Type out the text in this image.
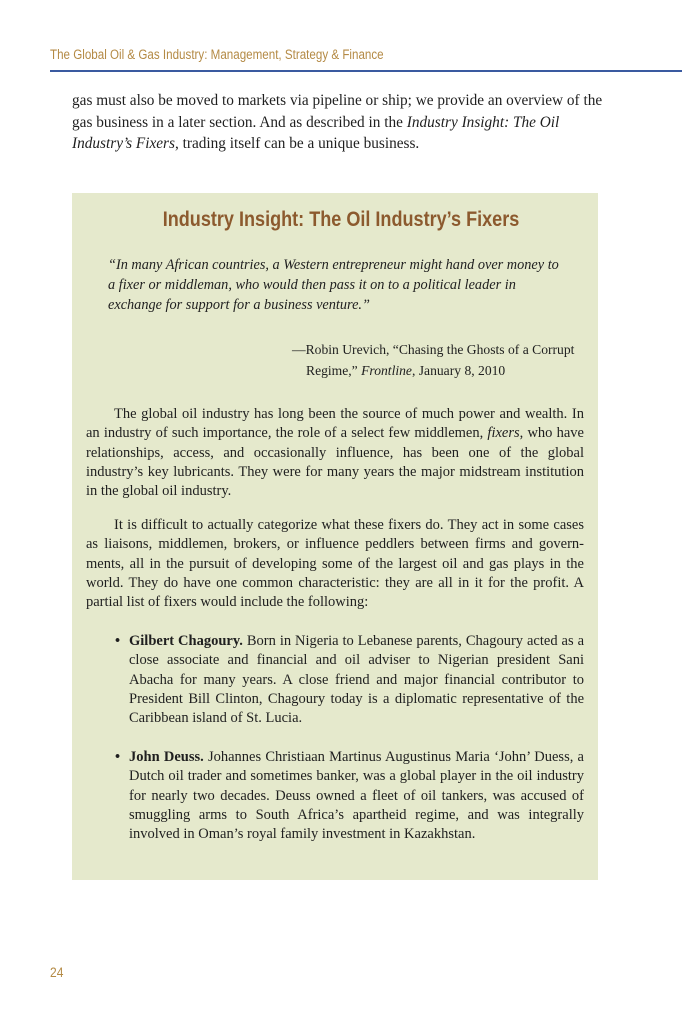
The Global Oil & Gas Industry: Management, Strategy & Finance

gas must also be moved to markets via pipeline or ship; we provide an overview of the gas business in a later section. And as described in the Industry Insight: The Oil Industry’s Fixers, trading itself can be a unique business.

“In many African countries, a Western entrepreneur might hand over money to a fixer or middleman, who would then pass it on to a political leader in exchange for support for a business venture.”

—Robin Urevich, “Chasing the Ghosts of a Corrupt Regime,” Frontline, January 8, 2010

The global oil industry has long been the source of much power and wealth. In an industry of such importance, the role of a select few middlemen, fixers, who have relationships, access, and occasionally influence, has been one of the global industry’s key lubricants. They were for many years the major midstream institution in the global oil industry.

It is difficult to actually categorize what these fixers do. They act in some cases as liaisons, middlemen, brokers, or influence peddlers between firms and govern-ments, all in the pursuit of developing some of the largest oil and gas plays in the world. They do have one common characteristic: they are all in it for the profit. A partial list of fixers would include the following:

• Gilbert Chagoury. Born in Nigeria to Lebanese parents, Chagoury acted as a close associate and financial and oil adviser to Nigerian president Sani Abacha for many years. A close friend and major financial contributor to President Bill Clinton, Chagoury today is a diplomatic representative of the Caribbean island of St. Lucia.
• John Deuss. Johannes Christiaan Martinus Augustinus Maria ‘John’ Duess, a Dutch oil trader and sometimes banker, was a global player in the oil industry for nearly two decades. Deuss owned a fleet of oil tankers, was accused of smuggling arms to South Africa’s apartheid regime, and was integrally involved in Oman’s royal family investment in Kazakhstan.
Industry Insight: The Oil Industry’s Fixers
24
